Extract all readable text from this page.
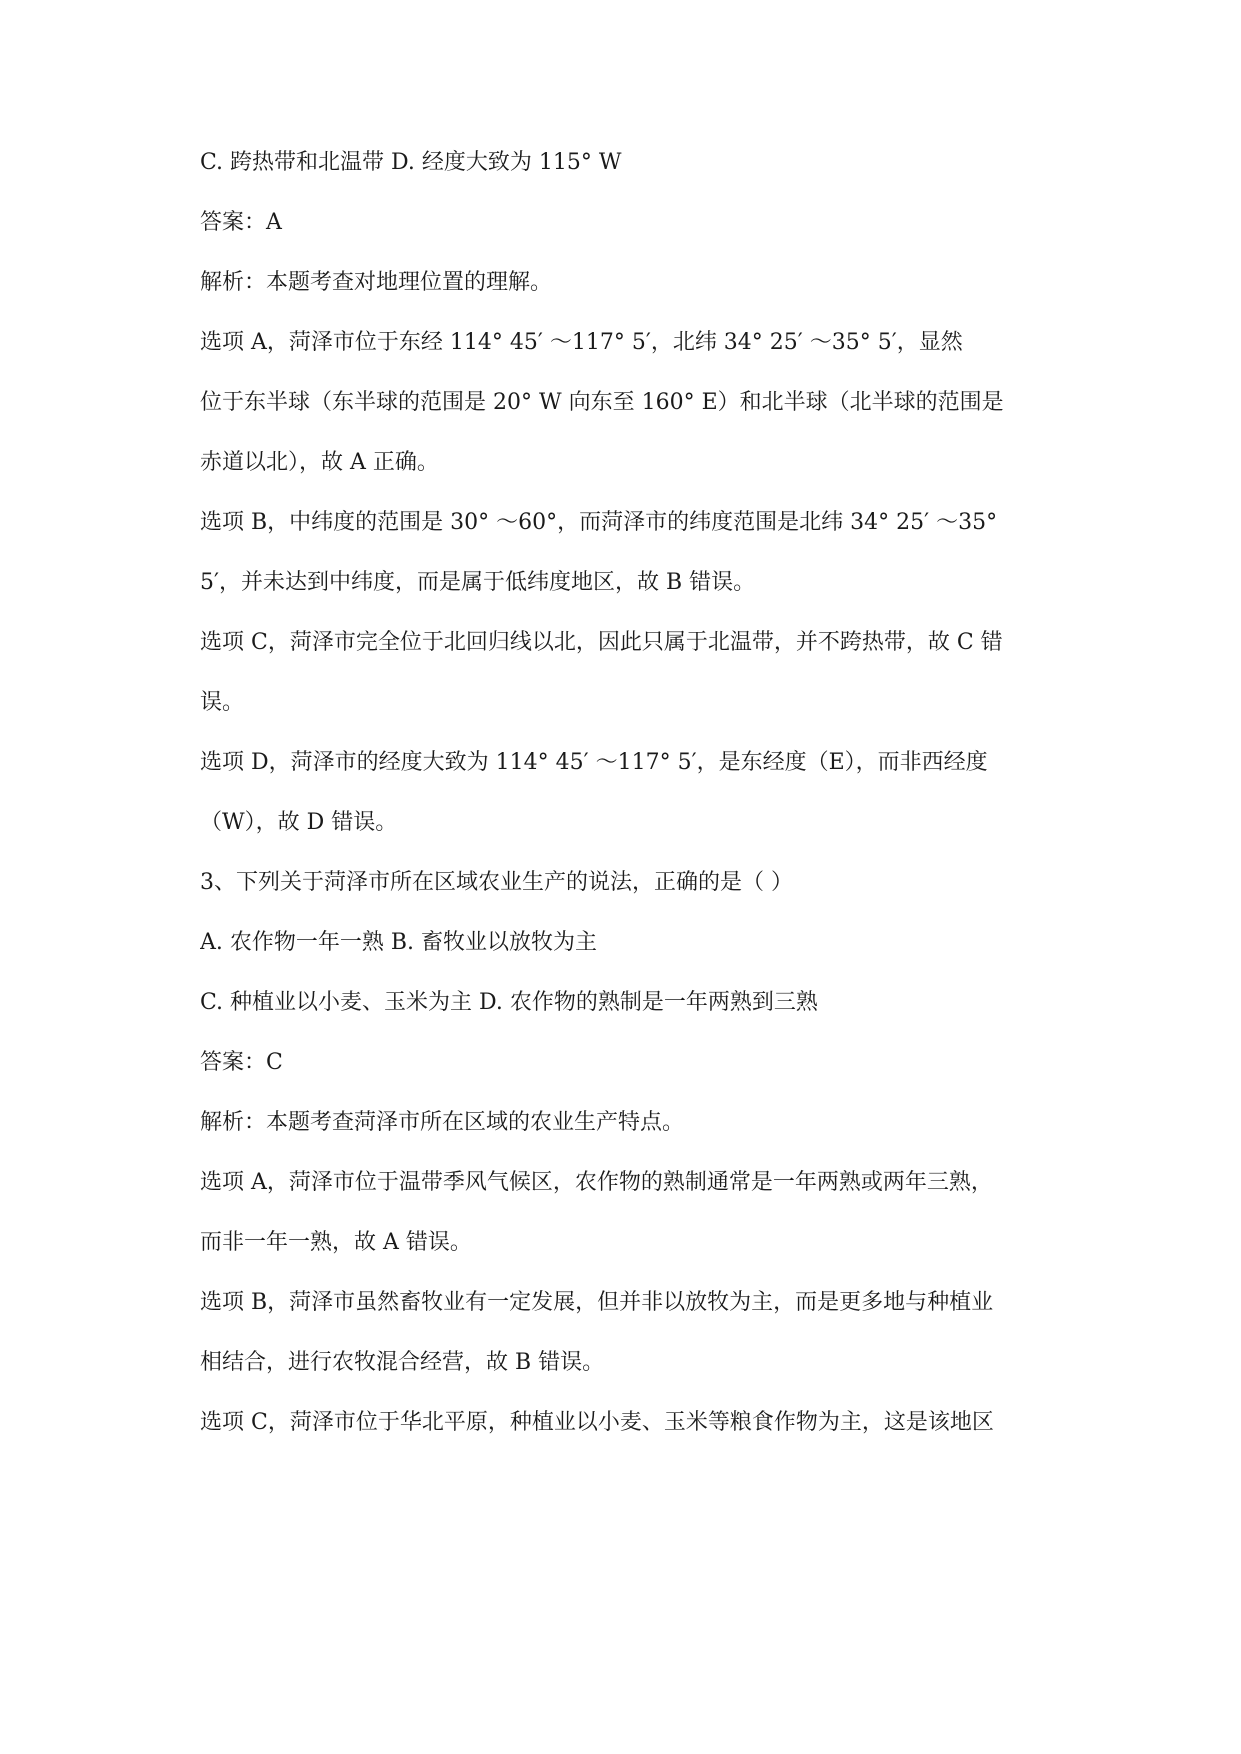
C. 跨热带和北温带 D. 经度大致为 115° W
答案：A
解析：本题考查对地理位置的理解。
选项 A，菏泽市位于东经 114° 45′ ～117° 5′，北纬 34° 25′ ～35° 5′，显然
位于东半球（东半球的范围是 20° W 向东至 160° E）和北半球（北半球的范围是
赤道以北），故 A 正确。
选项 B，中纬度的范围是 30° ～60°，而菏泽市的纬度范围是北纬 34° 25′ ～35°
5′，并未达到中纬度，而是属于低纬度地区，故 B 错误。
选项 C，菏泽市完全位于北回归线以北，因此只属于北温带，并不跨热带，故 C 错
误。
选项 D，菏泽市的经度大致为 114° 45′ ～117° 5′，是东经度（E），而非西经度
（W），故 D 错误。
3、下列关于菏泽市所在区域农业生产的说法，正确的是（ ）
A. 农作物一年一熟 B. 畜牧业以放牧为主
C. 种植业以小麦、玉米为主 D. 农作物的熟制是一年两熟到三熟
答案：C
解析：本题考查菏泽市所在区域的农业生产特点。
选项 A，菏泽市位于温带季风气候区，农作物的熟制通常是一年两熟或两年三熟，
而非一年一熟，故 A 错误。
选项 B，菏泽市虽然畜牧业有一定发展，但并非以放牧为主，而是更多地与种植业
相结合，进行农牧混合经营，故 B 错误。
选项 C，菏泽市位于华北平原，种植业以小麦、玉米等粮食作物为主，这是该地区
